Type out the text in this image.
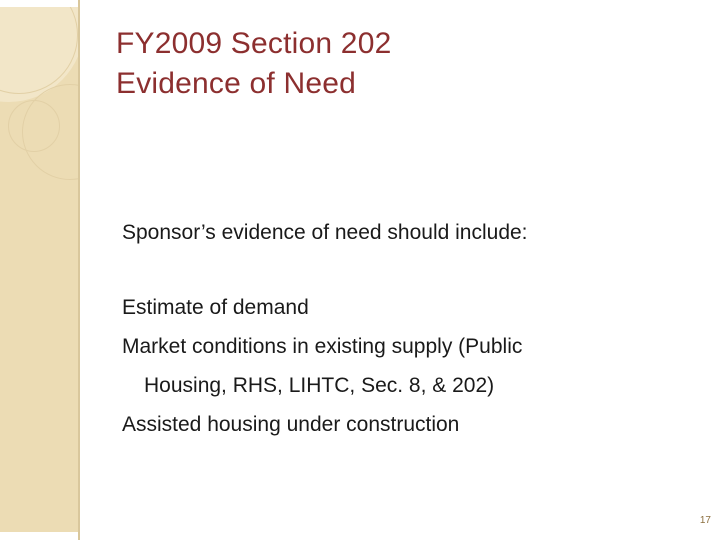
FY2009 Section 202
Evidence of Need

Sponsor’s evidence of need should include:

Estimate of demand
Market conditions in existing supply (Public
Housing, RHS, LIHTC, Sec. 8, & 202)
Assisted housing under construction
17
